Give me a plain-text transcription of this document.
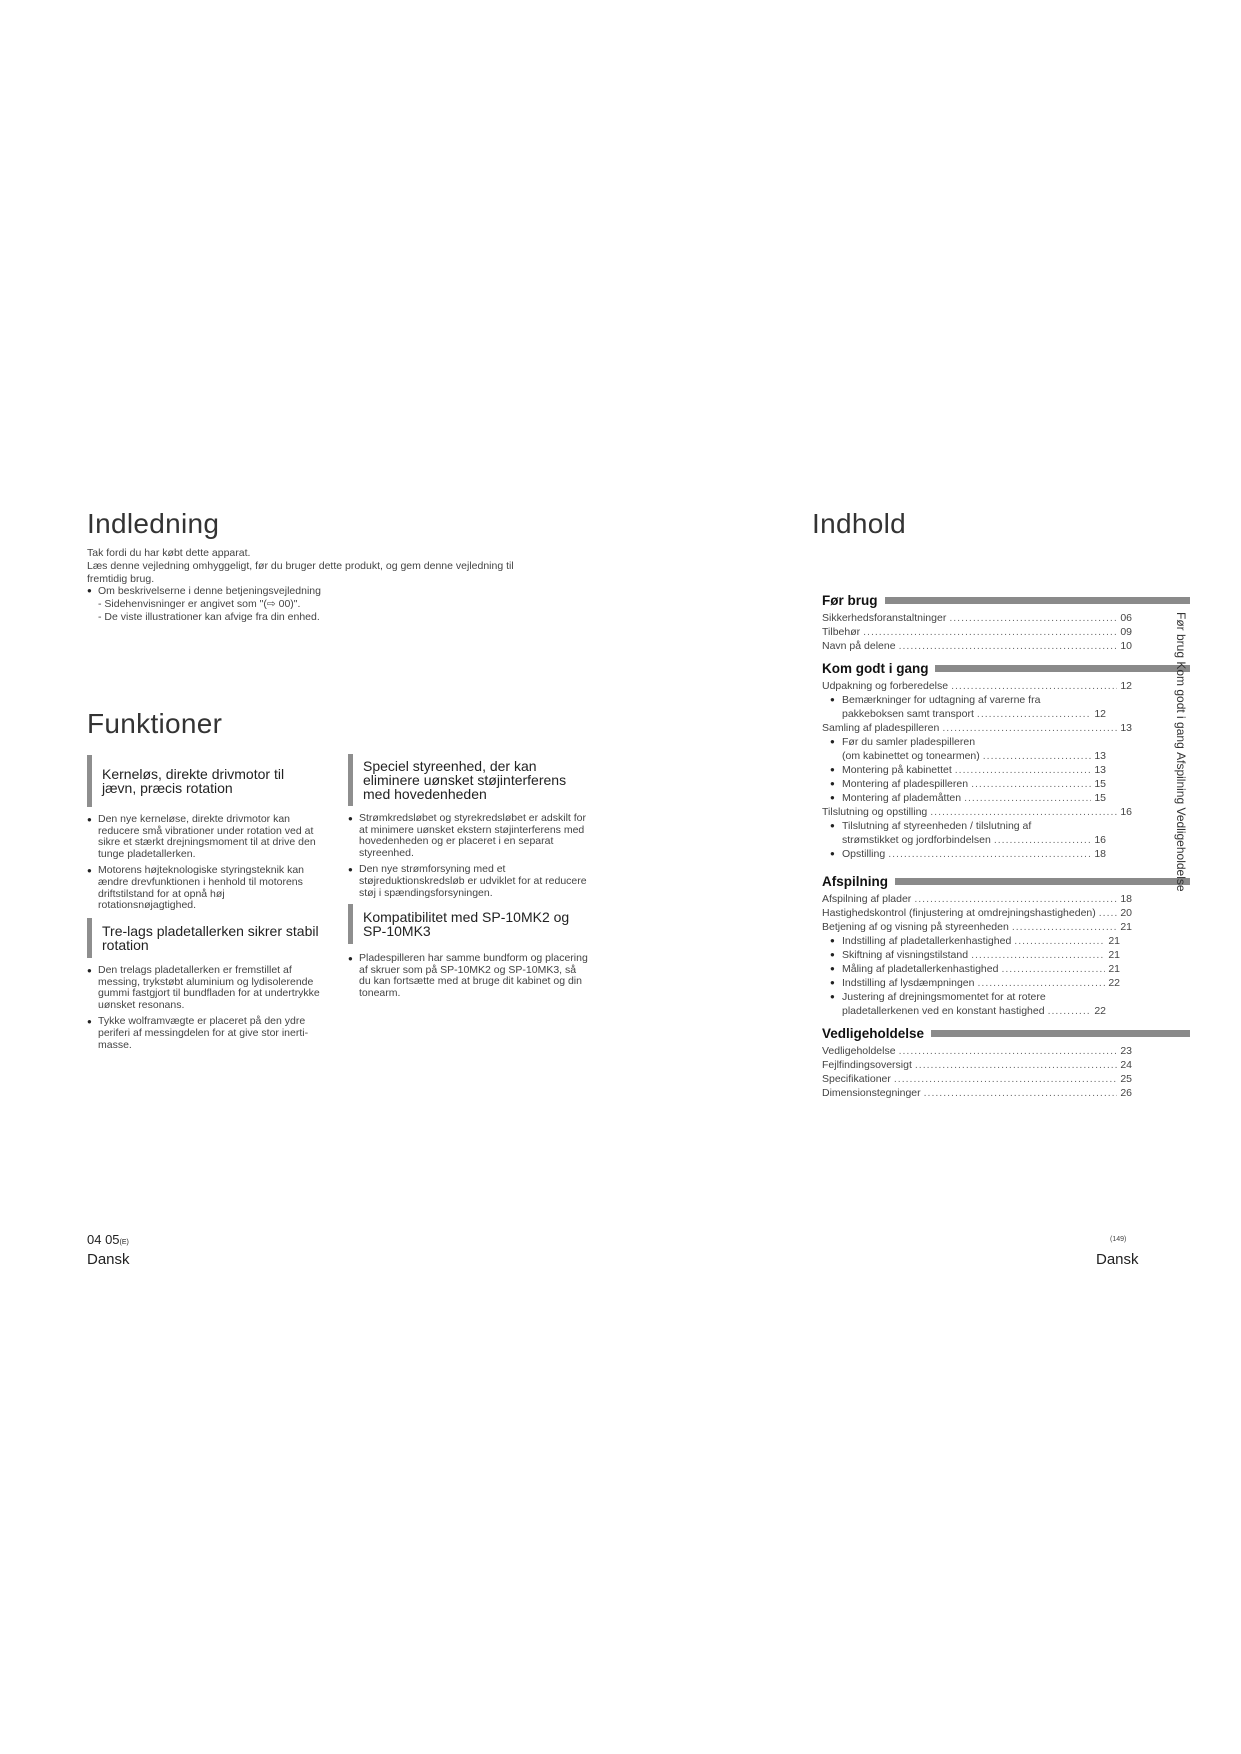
Indledning
Tak fordi du har købt dette apparat.
Læs denne vejledning omhyggeligt, før du bruger dette produkt, og gem denne vejledning til
fremtidig brug.
● Om beskrivelserne i denne betjeningsvejledning
- Sidehenvisninger er angivet som "(⇨ 00)".
- De viste illustrationer kan afvige fra din enhed.
Funktioner
Kerneløs, direkte drivmotor til
jævn, præcis rotation
● Den nye kerneløse, direkte drivmotor kan reducere små vibrationer under rotation ved at sikre et stærkt drejningsmoment til at drive den tunge pladetallerken.
● Motorens højteknologiske styringsteknik kan ændre drevfunktionen i henhold til motorens driftstilstand for at opnå høj rotationsnøjagtighed.
Tre-lags pladetallerken sikrer stabil
rotation
● Den trelags pladetallerken er fremstillet af messing, trykstøbt aluminium og lydisolerende gummi fastgjort til bundfladen for at undertrykke uønsket resonans.
● Tykke wolframvægte er placeret på den ydre periferi af messingdelen for at give stor inerti-masse.
Speciel styreenhed, der kan
eliminere uønsket støjinterferens
med hovedenheden
● Strømkredsløbet og styrekredsløbet er adskilt for at minimere uønsket ekstern støjinterferens med hovedenheden og er placeret i en separat styreenhed.
● Den nye strømforsyning med et støjreduktionskredsløb er udviklet for at reducere støj i spændingsforsyningen.
Kompatibilitet med SP-10MK2 og
SP-10MK3
● Pladespilleren har samme bundform og placering af skruer som på SP-10MK2 og SP-10MK3, så du kan fortsætte med at bruge dit kabinet og din tonearm.
04 05(E)
Dansk
Indhold
Før brug
Sikkerhedsforanstaltninger .....	06
Tilbehør .....	09
Navn på delene .....	10
Kom godt i gang
Udpakning og forberedelse .....	12
● Bemærkninger for udtagning af varerne fra
pakkeboksen samt transport .....	12
Samling af pladespilleren .....	13
● Før du samler pladespilleren
(om kabinettet og tonearmen) .....	13
● Montering på kabinettet .....	13
● Montering af pladespilleren .....	15
● Montering af plademåtten .....	15
Tilslutning og opstilling .....	16
● Tilslutning af styreenheden / tilslutning af
strømstikket og jordforbindelsen .....	16
● Opstilling .....	18
Afspilning
Afspilning af plader .....	18
Hastighedskontrol (finjustering at omdrejningshastigheden) ..... 20
Betjening af og visning på styreenheden .....	21
● Indstilling af pladetallerkenhastighed .....	21
● Skiftning af visningstilstand .....	21
● Måling af pladetallerkenhastighed .....	21
● Indstilling af lysdæmpningen .....	22
● Justering af drejningsmomentet for at rotere
pladetallerkenen ved en konstant hastighed .....	22
Vedligeholdelse
Vedligeholdelse .....	23
Fejlfindingsoversigt .....	24
Specifikationer .....	25
Dimensionstegninger .....	26
Før brug Kom godt i gang Afspilning Vedligeholdelse
(149)
Dansk
